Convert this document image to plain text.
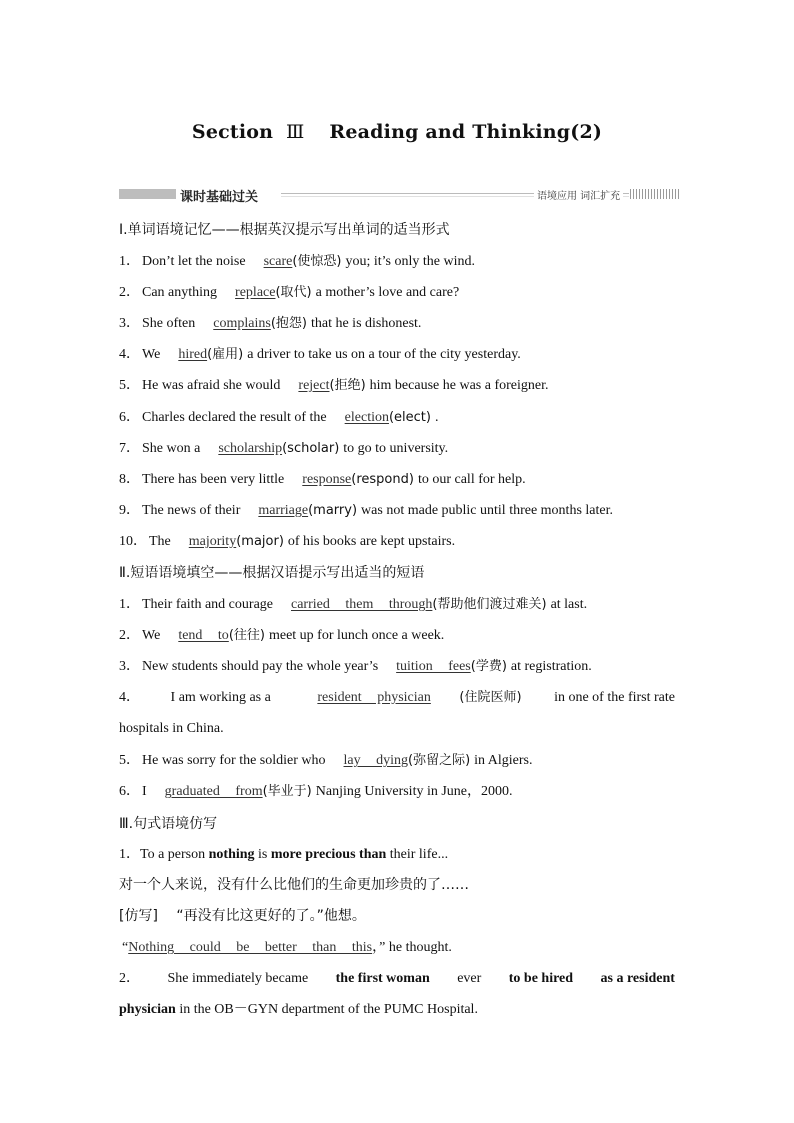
Section Ⅲ Reading and Thinking(2)
课时基础过关	语境应用 词汇扩充
Ⅰ.单词语境记忆——根据英汉提示写出单词的适当形式
1． Don’t let the noise scare(使惊恐) you; it’s only the wind.
2． Can anything replace(取代) a mother’s love and care?
3． She often complains(抱怨) that he is dishonest.
4． We hired(雇用) a driver to take us on a tour of the city yesterday.
5． He was afraid she would reject(拒绝) him because he was a foreigner.
6． Charles declared the result of the election(elect) .
7． She won a scholarship(scholar) to go to university.
8． There has been very little response(respond) to our call for help.
9． The news of their marriage(marry) was not made public until three months later.
10． The majority(major) of his books are kept upstairs.
Ⅱ.短语语境填空——根据汉语提示写出适当的短语
1． Their faith and courage carried them through(帮助他们渡过难关) at last.
2． We tend to(往往) meet up for lunch once a week.
3． New students should pay the whole year’s tuition fees(学费) at registration.
4． I am working as a	resident physician (住院医师) in one of the first rate
hospitals in China.
5． He was sorry for the soldier who lay dying(弥留之际) in Algiers.
6． I graduated from(毕业于) Nanjing University in June，2000.
Ⅲ.句式语境仿写
1．To a person nothing is more precious than their life...
对一个人来说，没有什么比他们的生命更加珍贵的了……
[仿写] “再没有比这更好的了。”他想。
“Nothing could be better than this，” he thought.
2． She immediately became the first woman ever to be hired as a resident
physician in the OB－GYN department of the PUMC Hospital.
